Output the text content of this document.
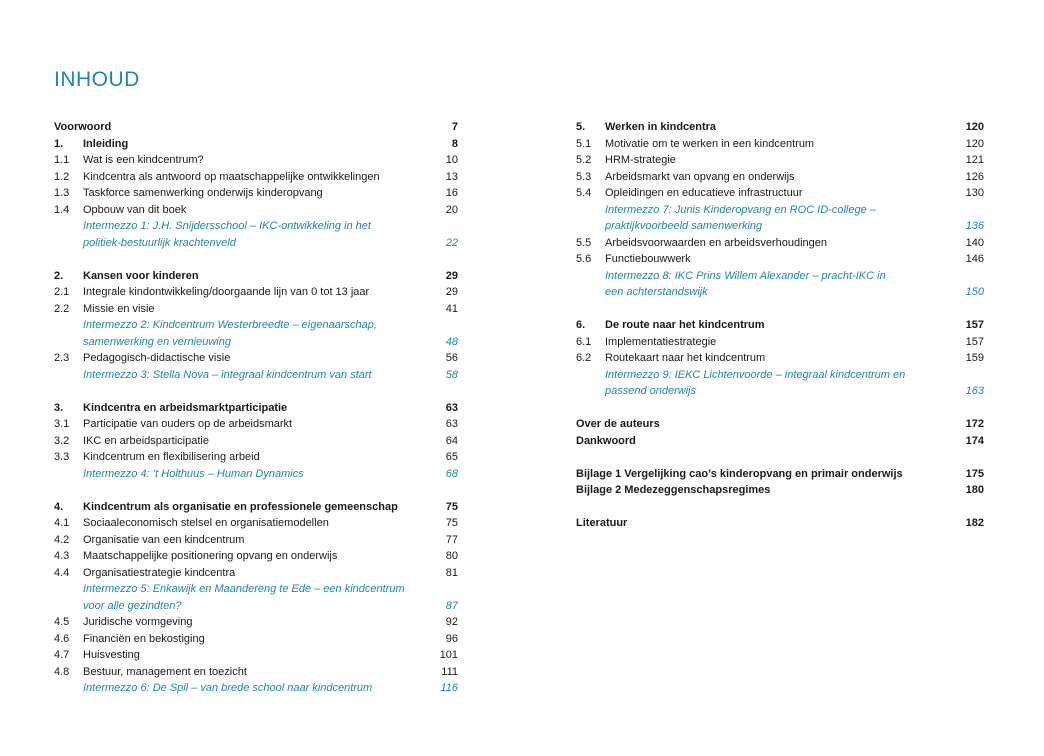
INHOUD
Voorwoord	7
1. Inleiding	8
1.1 Wat is een kindcentrum?	10
1.2 Kindcentra als antwoord op maatschappelijke ontwikkelingen	13
1.3 Taskforce samenwerking onderwijs kinderopvang	16
1.4 Opbouw van dit boek	20
Intermezzo 1: J.H. Snijdersschool – IKC-ontwikkeling in het
politiek-bestuurlijk krachtenveld	22
2. Kansen voor kinderen	29
2.1 Integrale kindontwikkeling/doorgaande lijn van 0 tot 13 jaar	29
2.2 Missie en visie	41
Intermezzo 2: Kindcentrum Westerbreedte – eigenaarschap,
samenwerking en vernieuwing	48
2.3 Pedagogisch-didactische visie	56
Intermezzo 3: Stella Nova – integraal kindcentrum van start	58
3. Kindcentra en arbeidsmarktparticipatie	63
3.1 Participatie van ouders op de arbeidsmarkt	63
3.2 IKC en arbeidsparticipatie	64
3.3 Kindcentrum en flexibilisering arbeid	65
Intermezzo 4: ’t Holthuus – Human Dynamics	68
4. Kindcentrum als organisatie en professionele gemeenschap	75
4.1 Sociaaleconomisch stelsel en organisatiemodellen	75
4.2 Organisatie van een kindcentrum	77
4.3 Maatschappelijke positionering opvang en onderwijs	80
4.4 Organisatiestrategie kindcentra	81
Intermezzo 5: Enkawijk en Maandereng te Ede – een kindcentrum
voor alle gezindten?	87
4.5 Juridische vormgeving	92
4.6 Financiën en bekostiging	96
4.7 Huisvesting	101
4.8 Bestuur, management en toezicht	111
Intermezzo 6: De Spil – van brede school naar kindcentrum	116
5. Werken in kindcentra	120
5.1 Motivatie om te werken in een kindcentrum	120
5.2 HRM-strategie	121
5.3 Arbeidsmarkt van opvang en onderwijs	126
5.4 Opleidingen en educatieve infrastructuur	130
Intermezzo 7: Junis Kinderopvang en ROC ID-college –
praktijkvoorbeeld samenwerking	136
5.5 Arbeidsvoorwaarden en arbeidsverhoudingen	140
5.6 Functiebouwwerk	146
Intermezzo 8: IKC Prins Willem Alexander – pracht-IKC in
een achterstandswijk	150
6. De route naar het kindcentrum	157
6.1 Implementatiestrategie	157
6.2 Routekaart naar het kindcentrum	159
Intermezzo 9: IEKC Lichtenvoorde – integraal kindcentrum en
passend onderwijs	163
Over de auteurs	172
Dankwoord	174
Bijlage 1 Vergelijking cao’s kinderopvang en primair onderwijs	175
Bijlage 2 Medezeggenschapsregimes	180
Literatuur	182
